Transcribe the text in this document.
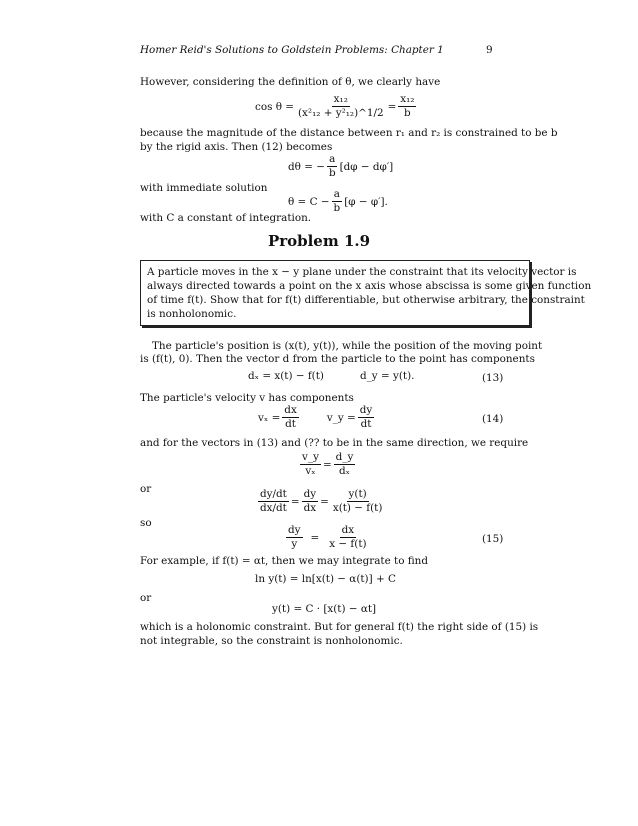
Homer Reid's Solutions to Goldstein Problems: Chapter 1	9
However, considering the definition of θ, we clearly have
$\cos \theta = \frac{\text{x₁₂}}{\text{(x²₁₂ + y²₁₂)\textasciicircum{}1/2}} = \frac{\text{x₁₂}}{b}$
because the magnitude of the distance between r₁ and r₂ is constrained to be b
by the rigid axis. Then (12) becomes
dθ = − $\frac{a}{b} [d\varphi - d\varphi']$
with immediate solution
$\theta = C - \frac{a}{b} [\varphi - \varphi']$.
with C a constant of integration.
Problem 1.9
A particle moves in the x − y plane under the constraint that its velocity vector is
always directed towards a point on the x axis whose abscissa is some given function
of time f(t). Show that for f(t) differentiable, but otherwise arbitrary, the constraint
is nonholonomic.
The particle's position is (x(t), y(t)), while the position of the moving point
is (f(t), 0). Then the vector d from the particle to the point has components
dₓ = x(t) − f(t)	d_y = y(t).	(13)
The particle's velocity v has components
$v_x = \frac{dx}{dt}$	v_y = $\frac{dy}{dt}$	(14)
and for the vectors in (13) and (?? to be in the same direction, we require
$\frac{v\_y}{\text{vₓ}} = \frac{d\_y}{\text{dₓ}}$
or	$\frac{dy/dt}{dx/dt} = \frac{dy}{dx} = \frac{y(t)}{x(t) - f(t)}$
so
$\frac{dy}{y} = \frac{dx}{x - f(t)}$	(15)
For example, if f(t) = αt, then we may integrate to find
ln y(t) = ln[x(t) − α(t)] + C
or
y(t) = C · [x(t) − αt]
which is a holonomic constraint. But for general f(t) the right side of (15) is
not integrable, so the constraint is nonholonomic.
